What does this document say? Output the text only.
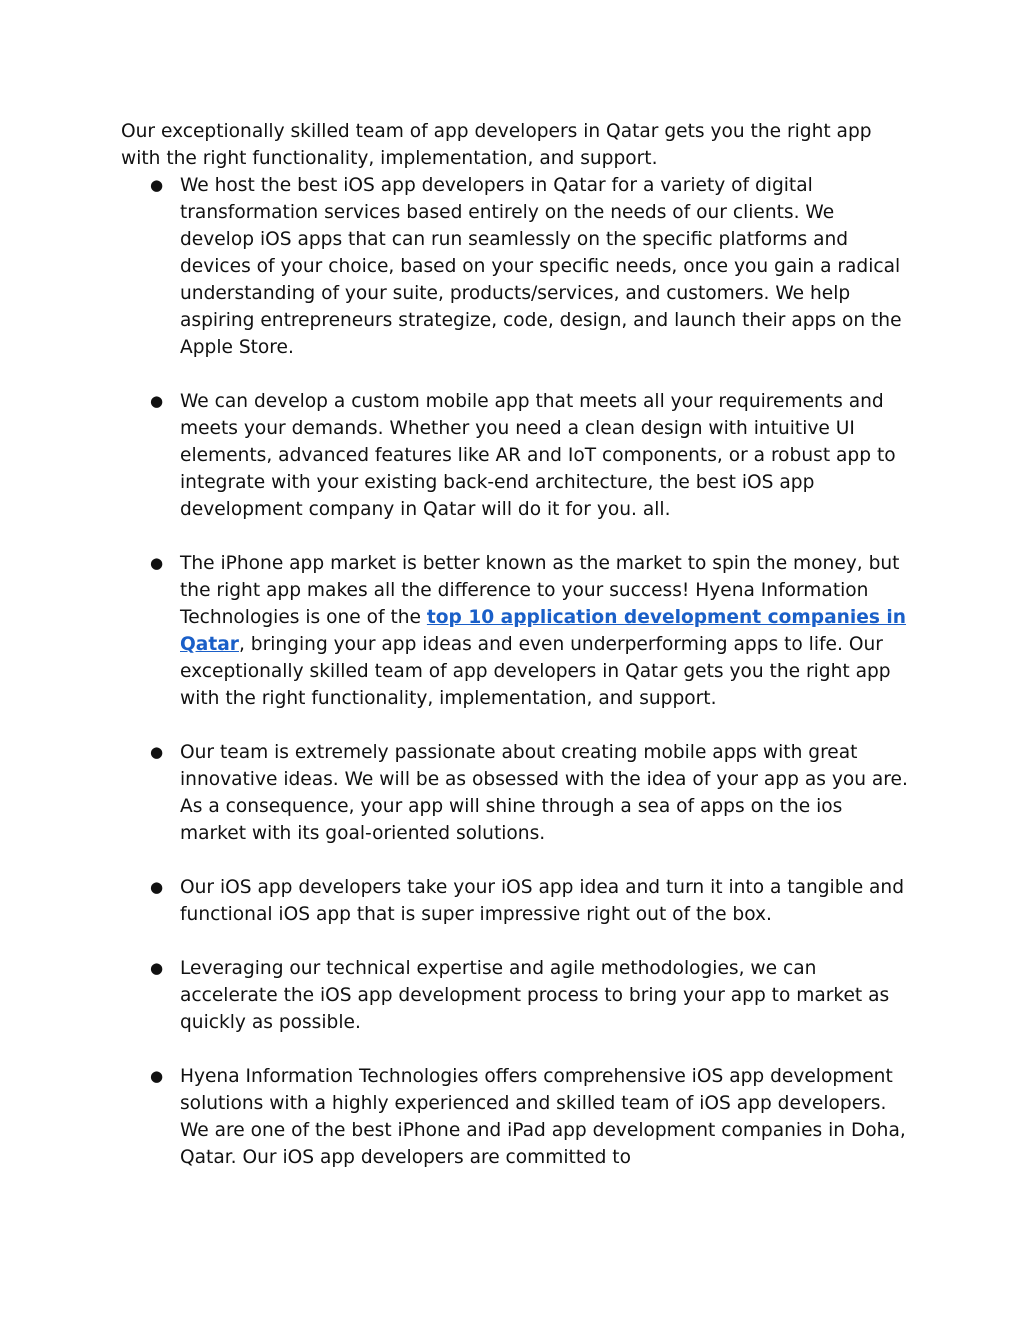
Our exceptionally skilled team of app developers in Qatar gets you the right app with the right functionality, implementation, and support.

● We host the best iOS app developers in Qatar for a variety of digital transformation services based entirely on the needs of our clients. We develop iOS apps that can run seamlessly on the specific platforms and devices of your choice, based on your specific needs, once you gain a radical understanding of your suite, products/services, and customers. We help aspiring entrepreneurs strategize, code, design, and launch their apps on the Apple Store.
● We can develop a custom mobile app that meets all your requirements and meets your demands. Whether you need a clean design with intuitive UI elements, advanced features like AR and IoT components, or a robust app to integrate with your existing back-end architecture, the best iOS app development company in Qatar will do it for you. all.
● The iPhone app market is better known as the market to spin the money, but the right app makes all the difference to your success! Hyena Information Technologies is one of the top 10 application development companies in Qatar, bringing your app ideas and even underperforming apps to life. Our exceptionally skilled team of app developers in Qatar gets you the right app with the right functionality, implementation, and support.
● Our team is extremely passionate about creating mobile apps with great innovative ideas. We will be as obsessed with the idea of your app as you are. As a consequence, your app will shine through a sea of apps on the ios market with its goal-oriented solutions.
● Our iOS app developers take your iOS app idea and turn it into a tangible and functional iOS app that is super impressive right out of the box.
● Leveraging our technical expertise and agile methodologies, we can accelerate the iOS app development process to bring your app to market as quickly as possible.
● Hyena Information Technologies offers comprehensive iOS app development solutions with a highly experienced and skilled team of iOS app developers. We are one of the best iPhone and iPad app development companies in Doha, Qatar. Our iOS app developers are committed to
